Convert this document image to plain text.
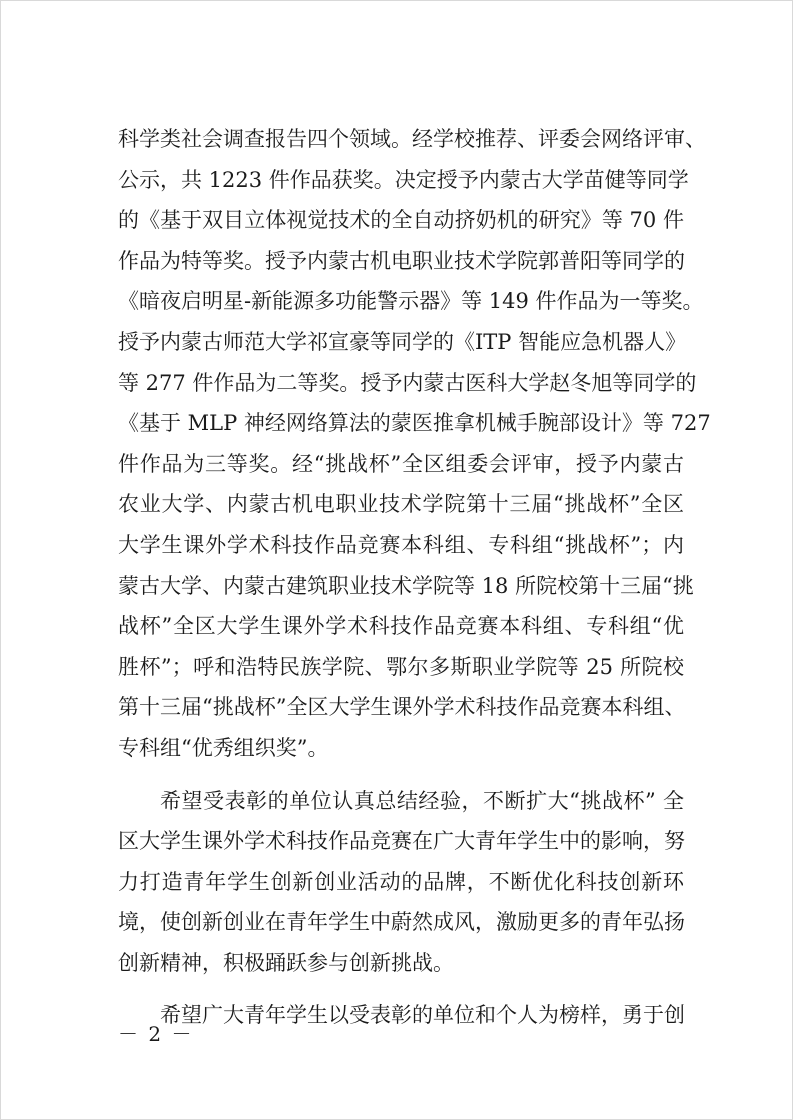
科学类社会调查报告四个领域。经学校推荐、评委会网络评审、
公示，共 1223 件作品获奖。决定授予内蒙古大学苗健等同学
的《基于双目立体视觉技术的全自动挤奶机的研究》等 70 件
作品为特等奖。授予内蒙古机电职业技术学院郭普阳等同学的
《暗夜启明星-新能源多功能警示器》等 149 件作品为一等奖。
授予内蒙古师范大学祁宣豪等同学的《ITP 智能应急机器人》
等 277 件作品为二等奖。授予内蒙古医科大学赵冬旭等同学的
《基于 MLP 神经网络算法的蒙医推拿机械手腕部设计》等 727
件作品为三等奖。经“挑战杯”全区组委会评审，授予内蒙古
农业大学、内蒙古机电职业技术学院第十三届“挑战杯”全区
大学生课外学术科技作品竞赛本科组、专科组“挑战杯”；内
蒙古大学、内蒙古建筑职业技术学院等 18 所院校第十三届“挑
战杯”全区大学生课外学术科技作品竞赛本科组、专科组“优
胜杯”；呼和浩特民族学院、鄂尔多斯职业学院等 25 所院校
第十三届“挑战杯”全区大学生课外学术科技作品竞赛本科组、
专科组“优秀组织奖”。
希望受表彰的单位认真总结经验，不断扩大“挑战杯” 全
区大学生课外学术科技作品竞赛在广大青年学生中的影响，努
力打造青年学生创新创业活动的品牌，不断优化科技创新环
境，使创新创业在青年学生中蔚然成风，激励更多的青年弘扬
创新精神，积极踊跃参与创新挑战。
希望广大青年学生以受表彰的单位和个人为榜样，勇于创
－ 2 －
